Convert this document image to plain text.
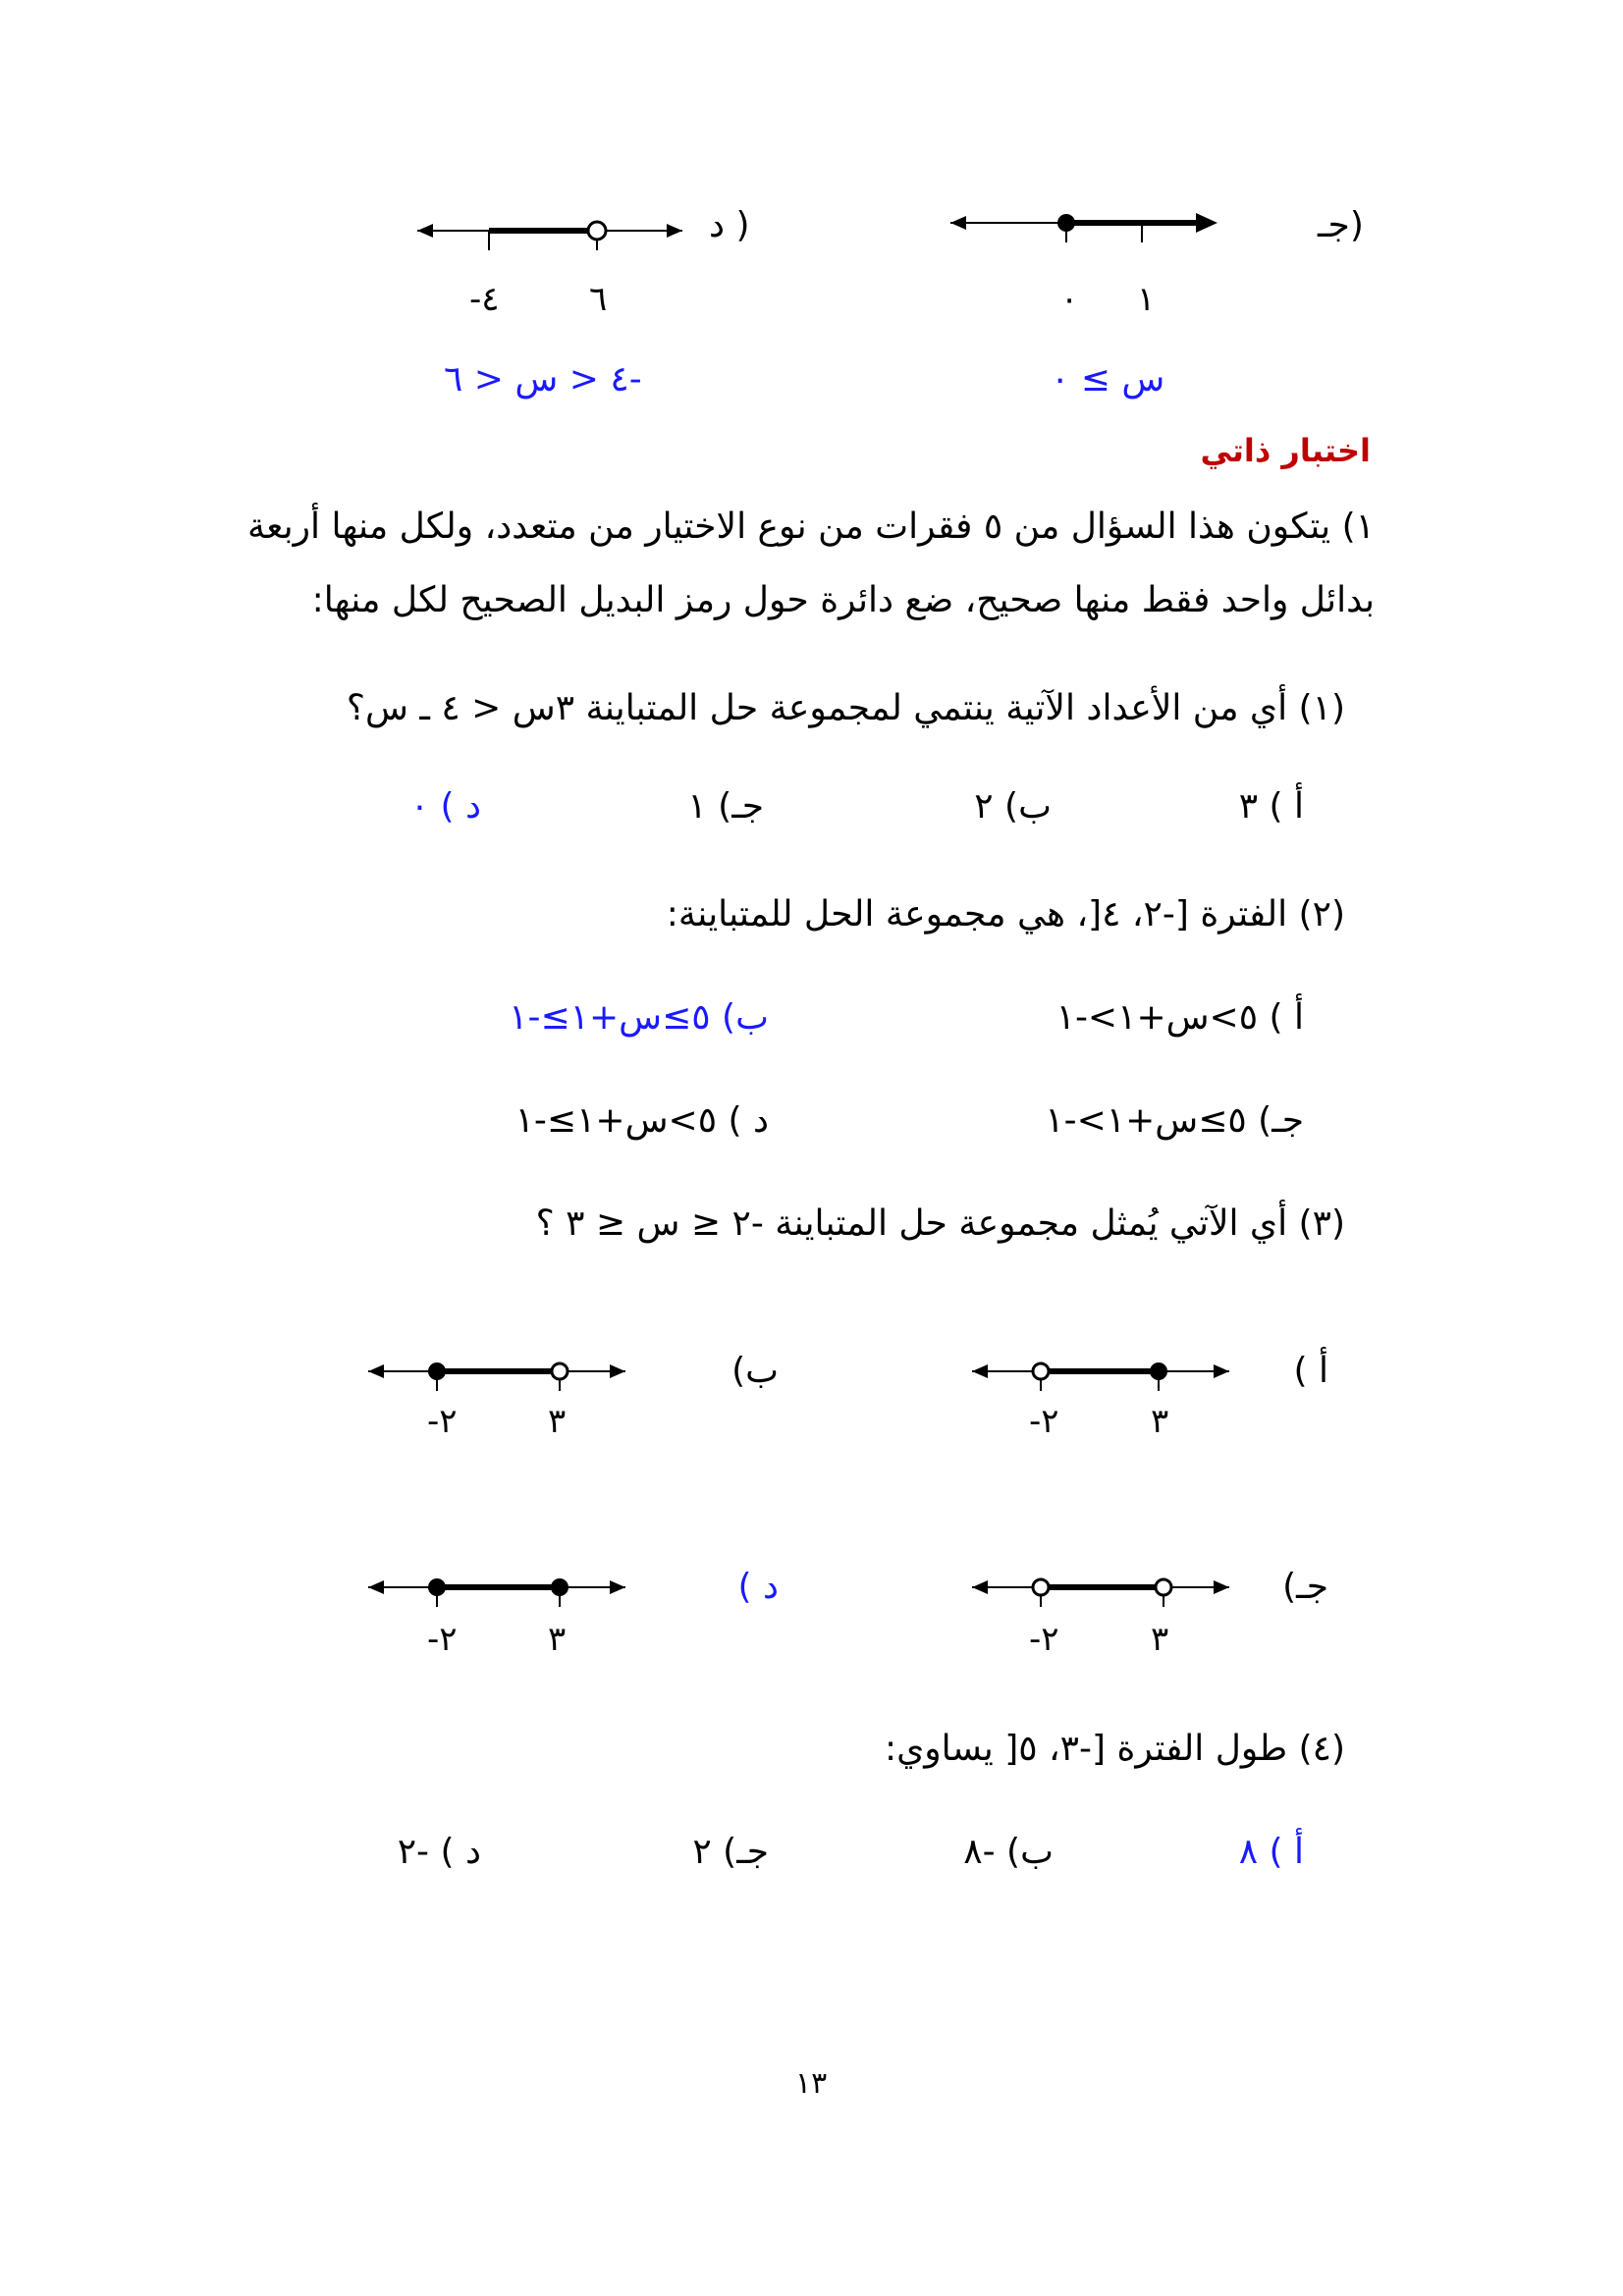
د )
-٤	٦
-٤ < س < ٦
جـ)
٠ ١
س ≥ ٠
اختبار ذاتي
١) يتكون هذا السؤال من ٥ فقرات من نوع الاختيار من متعدد، ولكل منها أربعة
بدائل واحد فقط منها صحيح، ضع دائرة حول رمز البديل الصحيح لكل منها:
(١) أي من الأعداد الآتية ينتمي لمجموعة حل المتباينة ٣س < ٤ ـ س؟
أ ) ٣
ب) ٢
جـ) ١
د ) ٠
(٢) الفترة [-٢، ٤[، هي مجموعة الحل للمتباينة:
أ ) ٥>س+١>-١
ب) ٥≥س+١≥-١
جـ) ٥≥س+١>-١
د ) ٥>س+١≥-١
(٣) أي الآتي يُمثل مجموعة حل المتباينة -٢ ≤ س ≤ ٣ ؟
أ )
-٢	٣
ب)
-٢	٣
جـ)
-٢	٣
د )
-٢	٣
(٤) طول الفترة [-٣، ٥[ يساوي:
أ ) ٨
ب) -٨
جـ) ٢
د ) -٢
١٣
